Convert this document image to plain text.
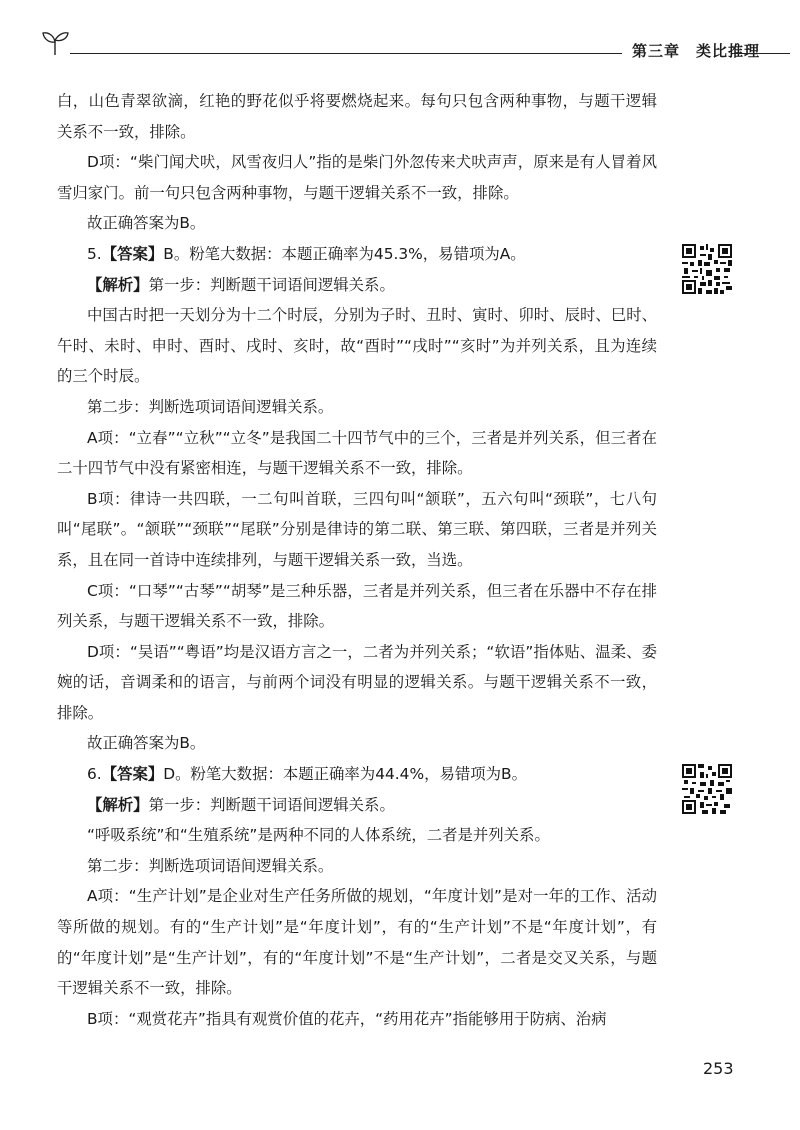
第三章　类比推理

白，山色青翠欲滴，红艳的野花似乎将要燃烧起来。每句只包含两种事物，与题干逻辑关系不一致，排除。

D项：“柴门闻犬吠，风雪夜归人”指的是柴门外忽传来犬吠声声，原来是有人冒着风雪归家门。前一句只包含两种事物，与题干逻辑关系不一致，排除。

故正确答案为B。

5.【答案】B。粉笔大数据：本题正确率为45.3%，易错项为A。

【解析】第一步：判断题干词语间逻辑关系。

中国古时把一天划分为十二个时辰，分别为子时、丑时、寅时、卯时、辰时、巳时、午时、未时、申时、酉时、戌时、亥时，故“酉时”“戌时”“亥时”为并列关系，且为连续的三个时辰。

第二步：判断选项词语间逻辑关系。

A项：“立春”“立秋”“立冬”是我国二十四节气中的三个，三者是并列关系，但三者在二十四节气中没有紧密相连，与题干逻辑关系不一致，排除。

B项：律诗一共四联，一二句叫首联，三四句叫“颔联”，五六句叫“颈联”，七八句叫“尾联”。“颔联”“颈联”“尾联”分别是律诗的第二联、第三联、第四联，三者是并列关系，且在同一首诗中连续排列，与题干逻辑关系一致，当选。

C项：“口琴”“古琴”“胡琴”是三种乐器，三者是并列关系，但三者在乐器中不存在排列关系，与题干逻辑关系不一致，排除。

D项：“吴语”“粤语”均是汉语方言之一，二者为并列关系；“软语”指体贴、温柔、委婉的话，音调柔和的语言，与前两个词没有明显的逻辑关系。与题干逻辑关系不一致，排除。

故正确答案为B。

6.【答案】D。粉笔大数据：本题正确率为44.4%，易错项为B。

【解析】第一步：判断题干词语间逻辑关系。

“呼吸系统”和“生殖系统”是两种不同的人体系统，二者是并列关系。

第二步：判断选项词语间逻辑关系。

A项：“生产计划”是企业对生产任务所做的规划，“年度计划”是对一年的工作、活动等所做的规划。有的“生产计划”是“年度计划”，有的“生产计划”不是“年度计划”，有的“年度计划”是“生产计划”，有的“年度计划”不是“生产计划”，二者是交叉关系，与题干逻辑关系不一致，排除。

B项：“观赏花卉”指具有观赏价值的花卉，“药用花卉”指能够用于防病、治病

253
